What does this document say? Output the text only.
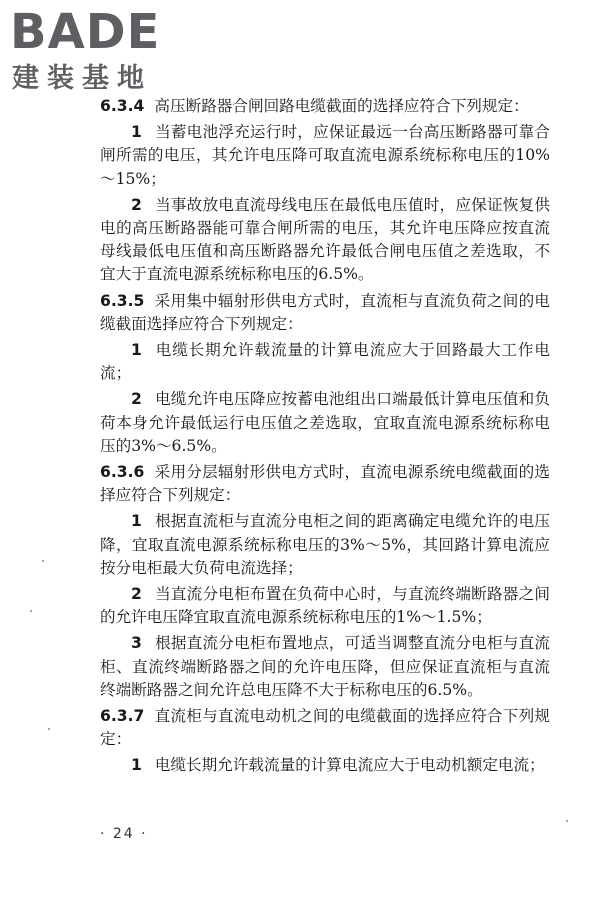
BADE
建装基地

6.3.4 高压断路器合闸回路电缆截面的选择应符合下列规定：

1 当蓄电池浮充运行时，应保证最远一台高压断路器可靠合闸所需的电压，其允许电压降可取直流电源系统标称电压的10%～15%；

2 当事故放电直流母线电压在最低电压值时，应保证恢复供电的高压断路器能可靠合闸所需的电压，其允许电压降应按直流母线最低电压值和高压断路器允许最低合闸电压值之差选取，不宜大于直流电源系统标称电压的6.5%。

6.3.5 采用集中辐射形供电方式时，直流柜与直流负荷之间的电缆截面选择应符合下列规定：

1 电缆长期允许载流量的计算电流应大于回路最大工作电流；

2 电缆允许电压降应按蓄电池组出口端最低计算电压值和负荷本身允许最低运行电压值之差选取，宜取直流电源系统标称电压的3%～6.5%。

6.3.6 采用分层辐射形供电方式时，直流电源系统电缆截面的选择应符合下列规定：

1 根据直流柜与直流分电柜之间的距离确定电缆允许的电压降，宜取直流电源系统标称电压的3%～5%，其回路计算电流应按分电柜最大负荷电流选择；

2 当直流分电柜布置在负荷中心时，与直流终端断路器之间的允许电压降宜取直流电源系统标称电压的1%～1.5%；

3 根据直流分电柜布置地点，可适当调整直流分电柜与直流柜、直流终端断路器之间的允许电压降，但应保证直流柜与直流终端断路器之间允许总电压降不大于标称电压的6.5%。

6.3.7 直流柜与直流电动机之间的电缆截面的选择应符合下列规定：

1 电缆长期允许载流量的计算电流应大于电动机额定电流；

· 24 ·
